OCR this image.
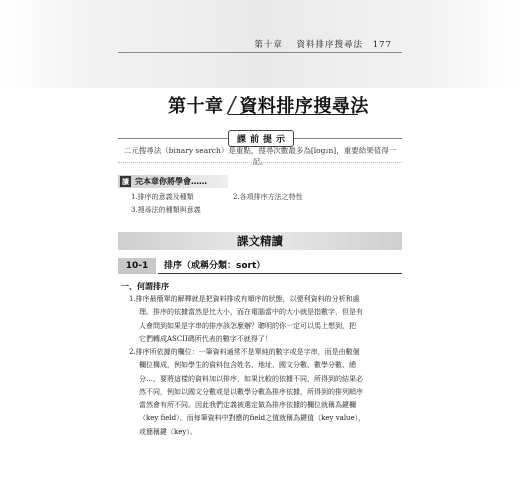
第十章 資料排序搜尋法 177
第十章 / 資料排序搜尋法
課前提示
二元搜尋法（binary search）是重點，搜尋次數最多為[log₂n]，重要結果值得一記。
讀 完本章你將學會……
1.排序的意義及種類	2.各項排序方法之特性
3.搜尋法的種類與意義
課文精讀
10-1	排序（或稱分類：sort）
一、何謂排序
1.排序最簡單的解釋就是把資料排成有順序的狀態，以便利資料的分析和處
理。排序的依據當然是比大小，而在電腦當中的大小就是指數字，但是有
人會問到如果是字串的排序該怎麼辦？聰明的你一定可以馬上想到，把
它們轉成ASCII碼所代表的數字不就得了！
2.排序所依據的欄位：一筆資料通常不是單純的數字或是字串，而是由數個
欄位構成，例如學生的資料包含姓名、地址、國文分數、數學分數、總
分…，要將這樣的資料加以排序，如果比較的依據不同，所得到的結果必
然不同，例如以國文分數或是以數學分數為排序依據，所得到的排列順序
當然會有所不同。因此我們定義被選定做為排序依據的欄位就稱為鍵欄
（key field），而每筆資料中對應的field之值就稱為鍵值（key value），
或簡稱鍵（key）。
